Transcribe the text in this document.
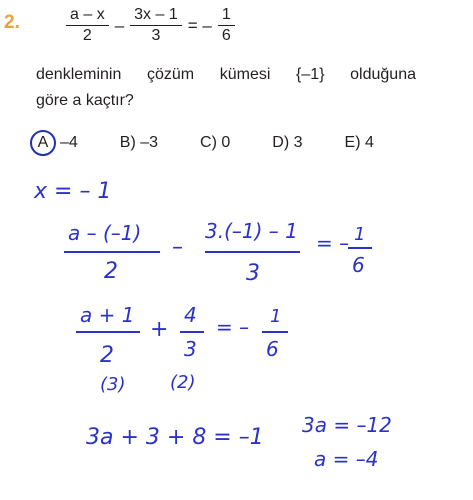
2.	$\frac{a - x}{2} - \frac{3x - 1}{3}$ = – $\frac{1}{6}$
denkleminin çözüm kümesi {–1} olduğuna
göre a kaçtır?
A –4	B)
–3	C)
0	D)
3	E)
4
x = – 1
a – (–1)
2
–
3.(–1) – 1
3
= – 1
6
a + 1
2
+
4
3
= – 1
6
(3) (2)
3a + 3 + 8 = –1 3a = –12
a = –4
